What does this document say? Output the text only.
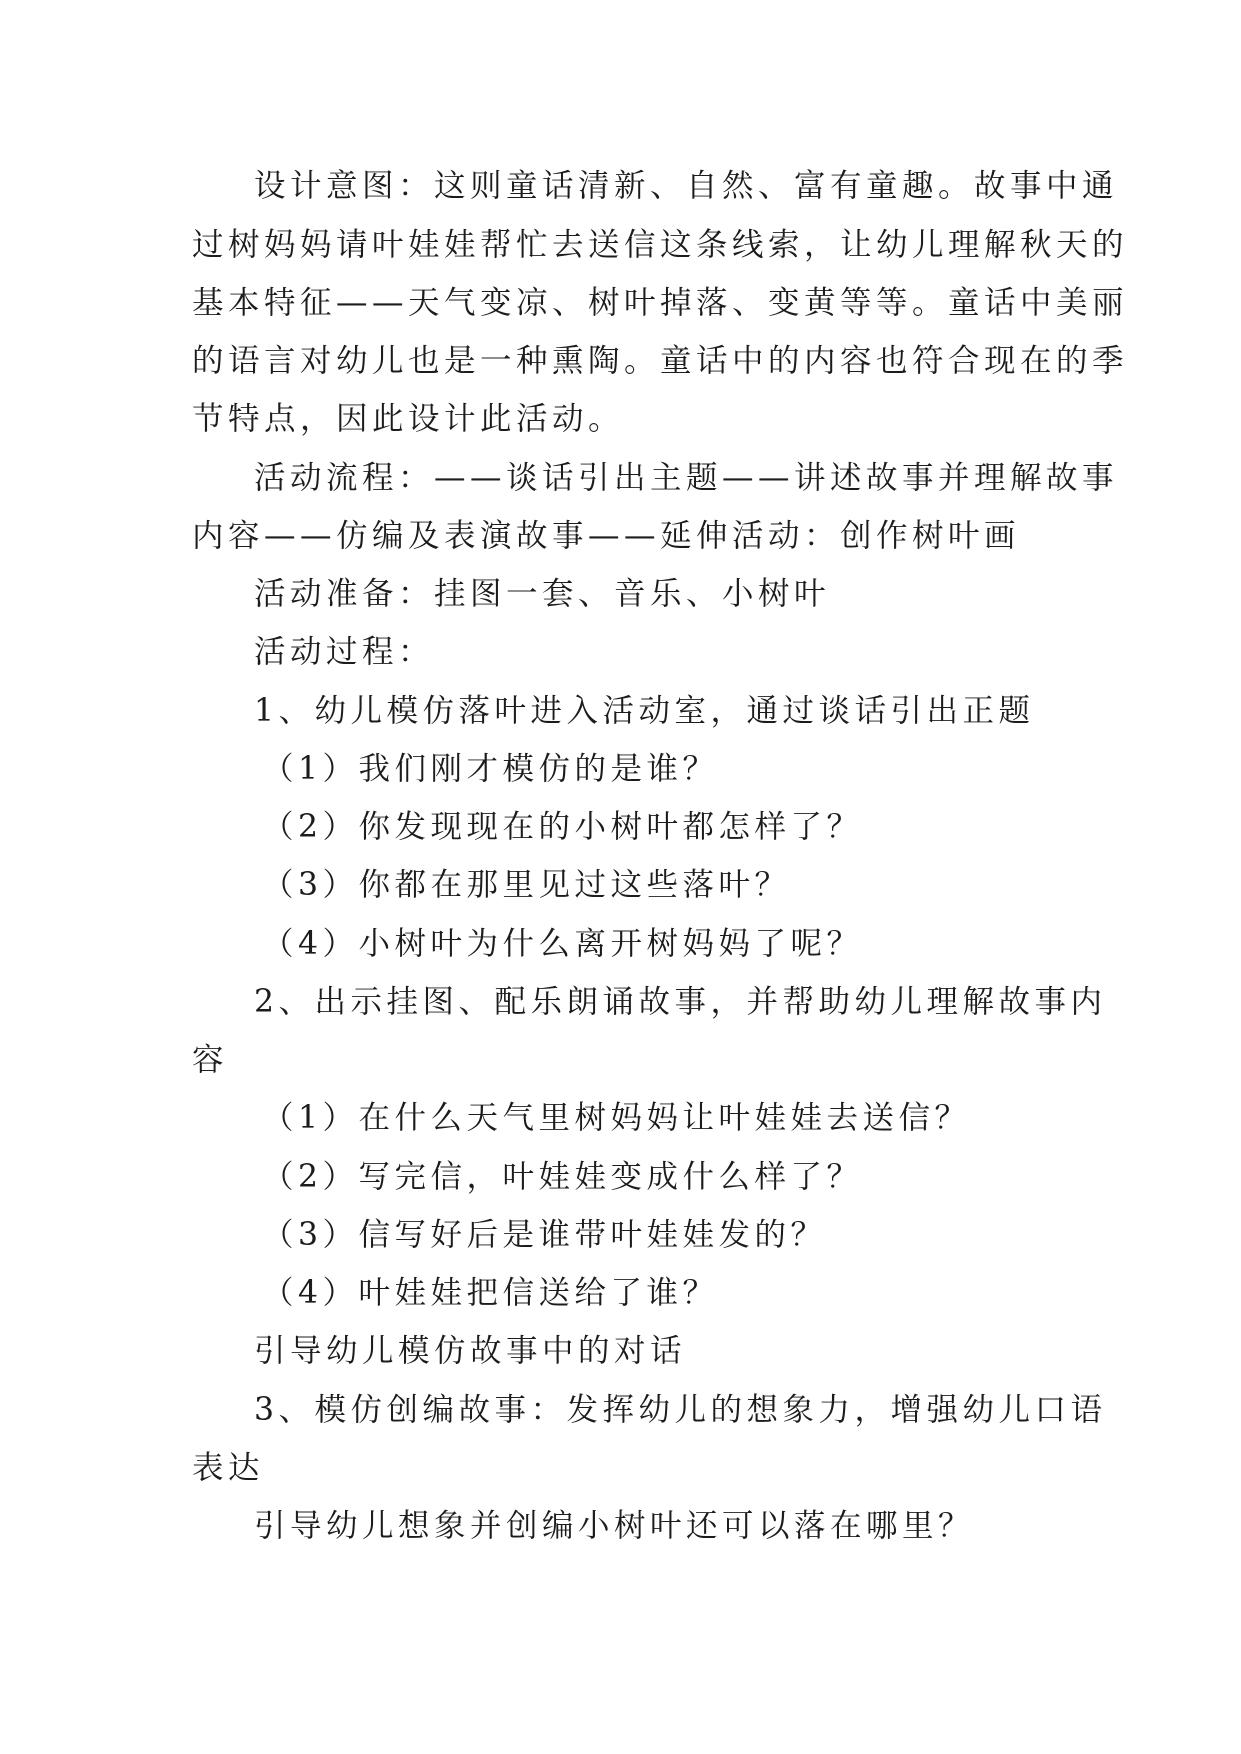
设计意图：这则童话清新、自然、富有童趣。故事中通
过树妈妈请叶娃娃帮忙去送信这条线索，让幼儿理解秋天的
基本特征——天气变凉、树叶掉落、变黄等等。童话中美丽
的语言对幼儿也是一种熏陶。童话中的内容也符合现在的季
节特点，因此设计此活动。
活动流程：——谈话引出主题——讲述故事并理解故事
内容——仿编及表演故事——延伸活动：创作树叶画
活动准备：挂图一套、音乐、小树叶
活动过程：
1、幼儿模仿落叶进入活动室，通过谈话引出正题
（1）我们刚才模仿的是谁？
（2）你发现现在的小树叶都怎样了？
（3）你都在那里见过这些落叶？
（4）小树叶为什么离开树妈妈了呢？
2、出示挂图、配乐朗诵故事，并帮助幼儿理解故事内
容
（1）在什么天气里树妈妈让叶娃娃去送信？
（2）写完信，叶娃娃变成什么样了？
（3）信写好后是谁带叶娃娃发的？
（4）叶娃娃把信送给了谁？
引导幼儿模仿故事中的对话
3、模仿创编故事：发挥幼儿的想象力，增强幼儿口语
表达
引导幼儿想象并创编小树叶还可以落在哪里？
